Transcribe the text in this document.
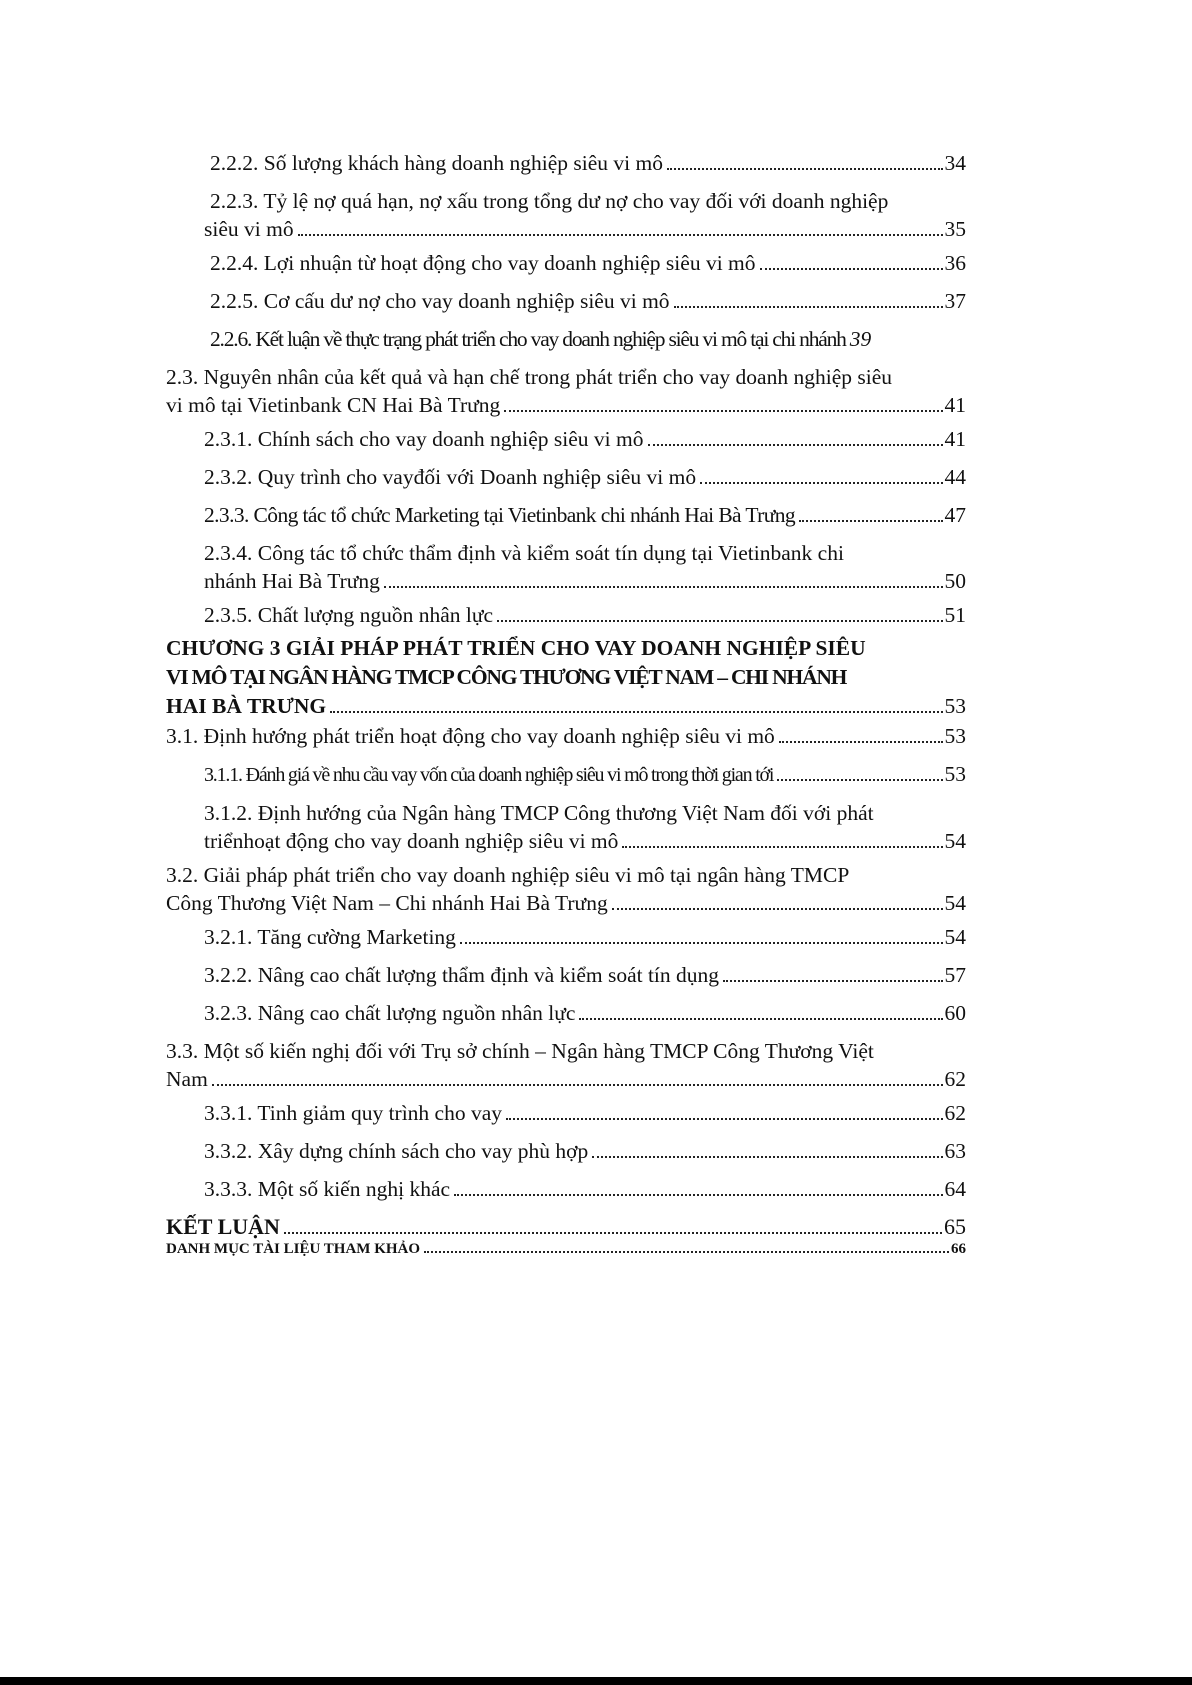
2.2.2. Số lượng khách hàng doanh nghiệp siêu vi mô	34
2.2.3. Tỷ lệ nợ quá hạn, nợ xấu trong tổng dư nợ cho vay đối với doanh nghiệp
siêu vi mô	35
2.2.4. Lợi nhuận từ hoạt động cho vay doanh nghiệp siêu vi mô	36
2.2.5. Cơ cấu dư nợ cho vay doanh nghiệp siêu vi mô	37
2.2.6. Kết luận về thực trạng phát triển cho vay doanh nghiệp siêu vi mô tại chi nhánh 39
2.3. Nguyên nhân của kết quả và hạn chế trong phát triển cho vay doanh nghiệp siêu
vi mô tại Vietinbank CN Hai Bà Trưng	41
2.3.1. Chính sách cho vay doanh nghiệp siêu vi mô	41
2.3.2. Quy trình cho vayđối với Doanh nghiệp siêu vi mô	44
2.3.3. Công tác tổ chức Marketing tại Vietinbank chi nhánh Hai Bà Trưng	47
2.3.4. Công tác tổ chức thẩm định và kiểm soát tín dụng tại Vietinbank chi
nhánh Hai Bà Trưng	50
2.3.5. Chất lượng nguồn nhân lực	51
CHƯƠNG 3 GIẢI PHÁP PHÁT TRIỂN CHO VAY DOANH NGHIỆP SIÊU
VI MÔ TẠI NGÂN HÀNG TMCP CÔNG THƯƠNG VIỆT NAM – CHI NHÁNH
HAI BÀ TRƯNG	53
3.1. Định hướng phát triển hoạt động cho vay doanh nghiệp siêu vi mô	53
3.1.1. Đánh giá về nhu cầu vay vốn của doanh nghiệp siêu vi mô trong thời gian tới	53
3.1.2. Định hướng của Ngân hàng TMCP Công thương Việt Nam đối với phát
triểnhoạt động cho vay doanh nghiệp siêu vi mô	54
3.2. Giải pháp phát triển cho vay doanh nghiệp siêu vi mô tại ngân hàng TMCP
Công Thương Việt Nam – Chi nhánh Hai Bà Trưng	54
3.2.1. Tăng cường Marketing	54
3.2.2. Nâng cao chất lượng thẩm định và kiểm soát tín dụng	57
3.2.3. Nâng cao chất lượng nguồn nhân lực	60
3.3. Một số kiến nghị đối với Trụ sở chính – Ngân hàng TMCP Công Thương Việt
Nam	62
3.3.1. Tinh giảm quy trình cho vay	62
3.3.2. Xây dựng chính sách cho vay phù hợp	63
3.3.3. Một số kiến nghị khác	64
KẾT LUẬN	65
DANH MỤC TÀI LIỆU THAM KHẢO	66
